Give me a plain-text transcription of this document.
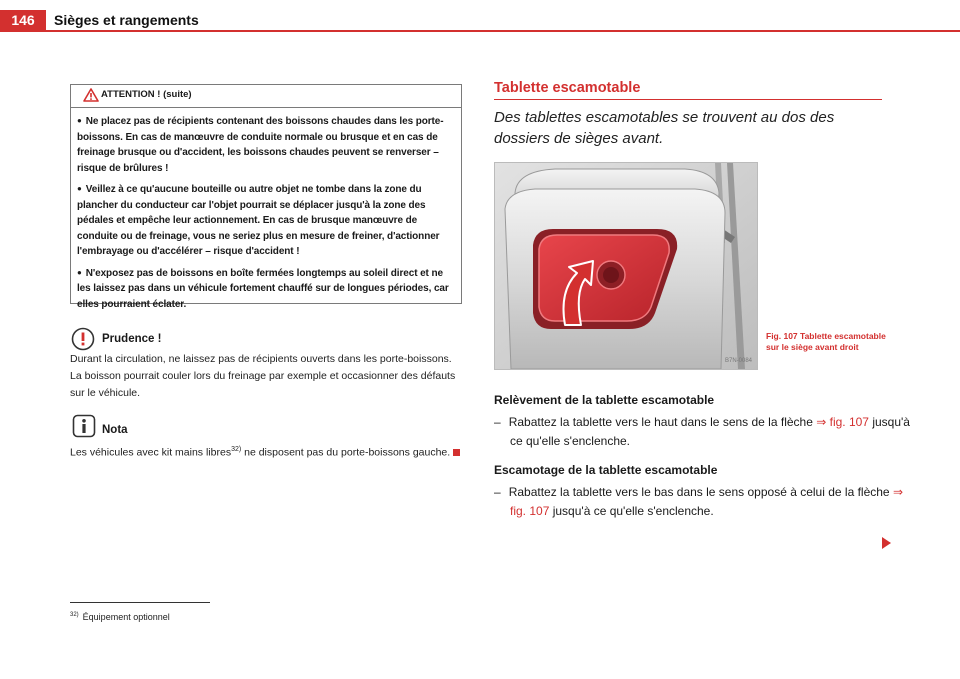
146	Sièges et rangements
ATTENTION ! (suite)
● Ne placez pas de récipients contenant des boissons chaudes dans les porte-boissons. En cas de manœuvre de conduite normale ou brusque et en cas de freinage brusque ou d'accident, les boissons chaudes peuvent se renverser – risque de brûlures !
● Veillez à ce qu'aucune bouteille ou autre objet ne tombe dans la zone du plancher du conducteur car l'objet pourrait se déplacer jusqu'à la zone des pédales et empêche leur actionnement. En cas de brusque manœuvre de conduite ou de freinage, vous ne seriez plus en mesure de freiner, d'actionner l'embrayage ou d'accélérer – risque d'accident !
● N'exposez pas de boissons en boîte fermées longtemps au soleil direct et ne les laissez pas dans un véhicule fortement chauffé sur de longues périodes, car elles pourraient éclater.
Prudence !
Durant la circulation, ne laissez pas de récipients ouverts dans les porte-boissons. La boisson pourrait couler lors du freinage par exemple et occasionner des défauts sur le véhicule.
Nota
Les véhicules avec kit mains libres$^{32)}$ ne disposent pas du porte-boissons gauche.
Tablette escamotable
Des tablettes escamotables se trouvent au dos des dossiers de sièges avant.
B7N-0084
Fig. 107 Tablette escamotable sur le siège avant droit
Relèvement de la tablette escamotable
– Rabattez la tablette vers le haut dans le sens de la flèche ⇒ fig. 107 jusqu'à ce qu'elle s'enclenche.
Escamotage de la tablette escamotable
– Rabattez la tablette vers le bas dans le sens opposé à celui de la flèche ⇒ fig. 107 jusqu'à ce qu'elle s'enclenche.
$^{32)}$ Équipement optionnel
